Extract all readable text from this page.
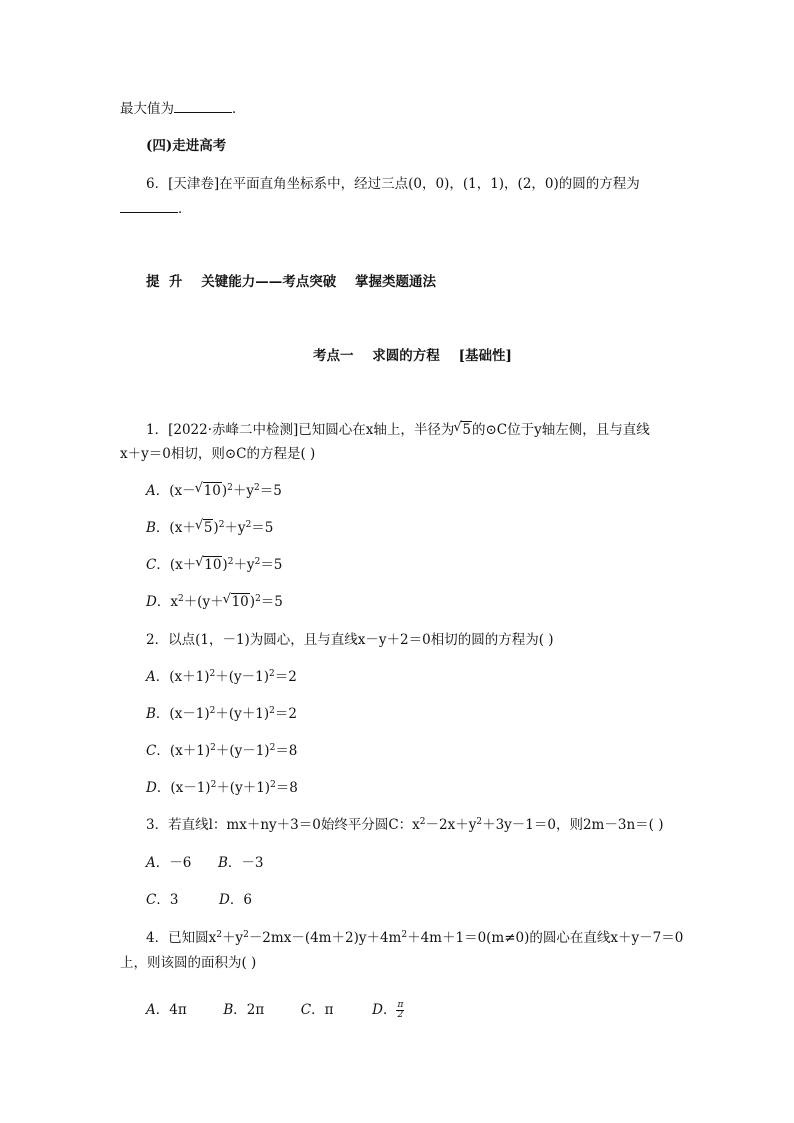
最大值为	．
(四)走进高考
6．[天津卷]在平面直角坐标系中，经过三点(0，0)，(1，1)，(2，0)的圆的方程为
．
提  升    关键能力——考点突破    掌握类题通法
考点一    求圆的方程    [基础性]
1．[2022·赤峰二中检测]已知圆心在x轴上，半径为√ 5的⊙C位于y轴左侧，且与直线
x＋y＝0相切，则⊙C的方程是( )
A．(x－√ $10)^2+y^2=5$
B．(x＋√ $5)^2+y^2=5$
C．(x＋√ $10)^2+y^2=5$
D．$x^2+(y+√$ 10)$^2$＝5
2．以点(1，－1)为圆心，且与直线x－y＋2＝0相切的圆的方程为( )
A．$(x+1)^2+(y-1)^2=2$
B．$(x-1)^2+(y+1)^2=2$
C．$(x+1)^2+(y-1)^2=8$
D．$(x-1)^2+(y+1)^2=8$
3．若直线l：mx＋ny＋3＝0始终平分圆C：$x^2-2x+y^2+3y-1=0$，则2m－3n＝( )
A．－6 B．－3
C．3	D．6
4．已知圆$x^2+y^2-2mx-(4m+2)y+4m^2+4m+1=0(m\ne 0)$的圆心在直线x＋y－7＝0
上，则该圆的面积为( )
A．4π	B．2π	C．π	D． $\frac{\pi}{2}$
